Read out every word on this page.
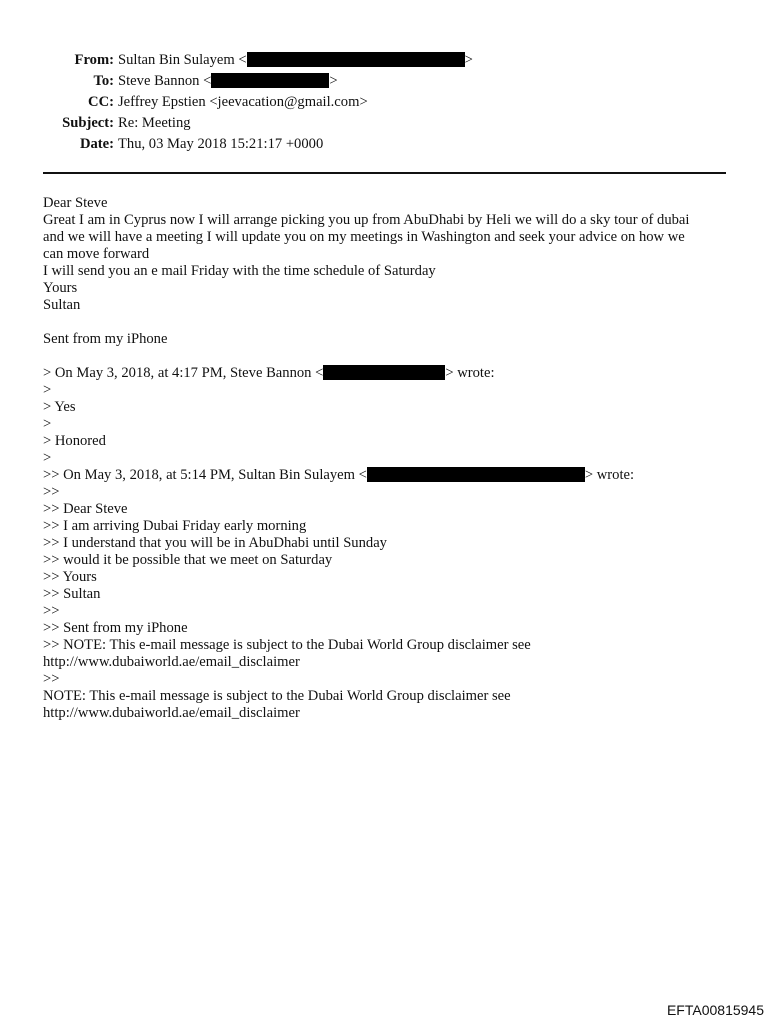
From: Sultan Bin Sulayem <	>
To: Steve Bannon <	>
CC: Jeffrey Epstien <jeevacation@gmail.com>
Subject: Re: Meeting
Date: Thu, 03 May 2018 15:21:17 +0000
Dear Steve
Great I am in Cyprus now I will arrange picking you up from AbuDhabi by Heli we will do a sky tour of dubai
and we will have a meeting I will update you on my meetings in Washington and seek your advice on how we
can move forward
I will send you an e mail Friday with the time schedule of Saturday
Yours
Sultan
Sent from my iPhone
> On May 3, 2018, at 4:17 PM, Steve Bannon <	> wrote:
>
> Yes
>
> Honored
>
>> On May 3, 2018, at 5:14 PM, Sultan Bin Sulayem <	> wrote:
>>
>> Dear Steve
>> I am arriving Dubai Friday early morning
>> I understand that you will be in AbuDhabi until Sunday
>> would it be possible that we meet on Saturday
>> Yours
>> Sultan
>>
>> Sent from my iPhone
>> NOTE: This e-mail message is subject to the Dubai World Group disclaimer see
http://www.dubaiworld.ae/email_disclaimer
>>
NOTE: This e-mail message is subject to the Dubai World Group disclaimer see
http://www.dubaiworld.ae/email_disclaimer
EFTA00815945
